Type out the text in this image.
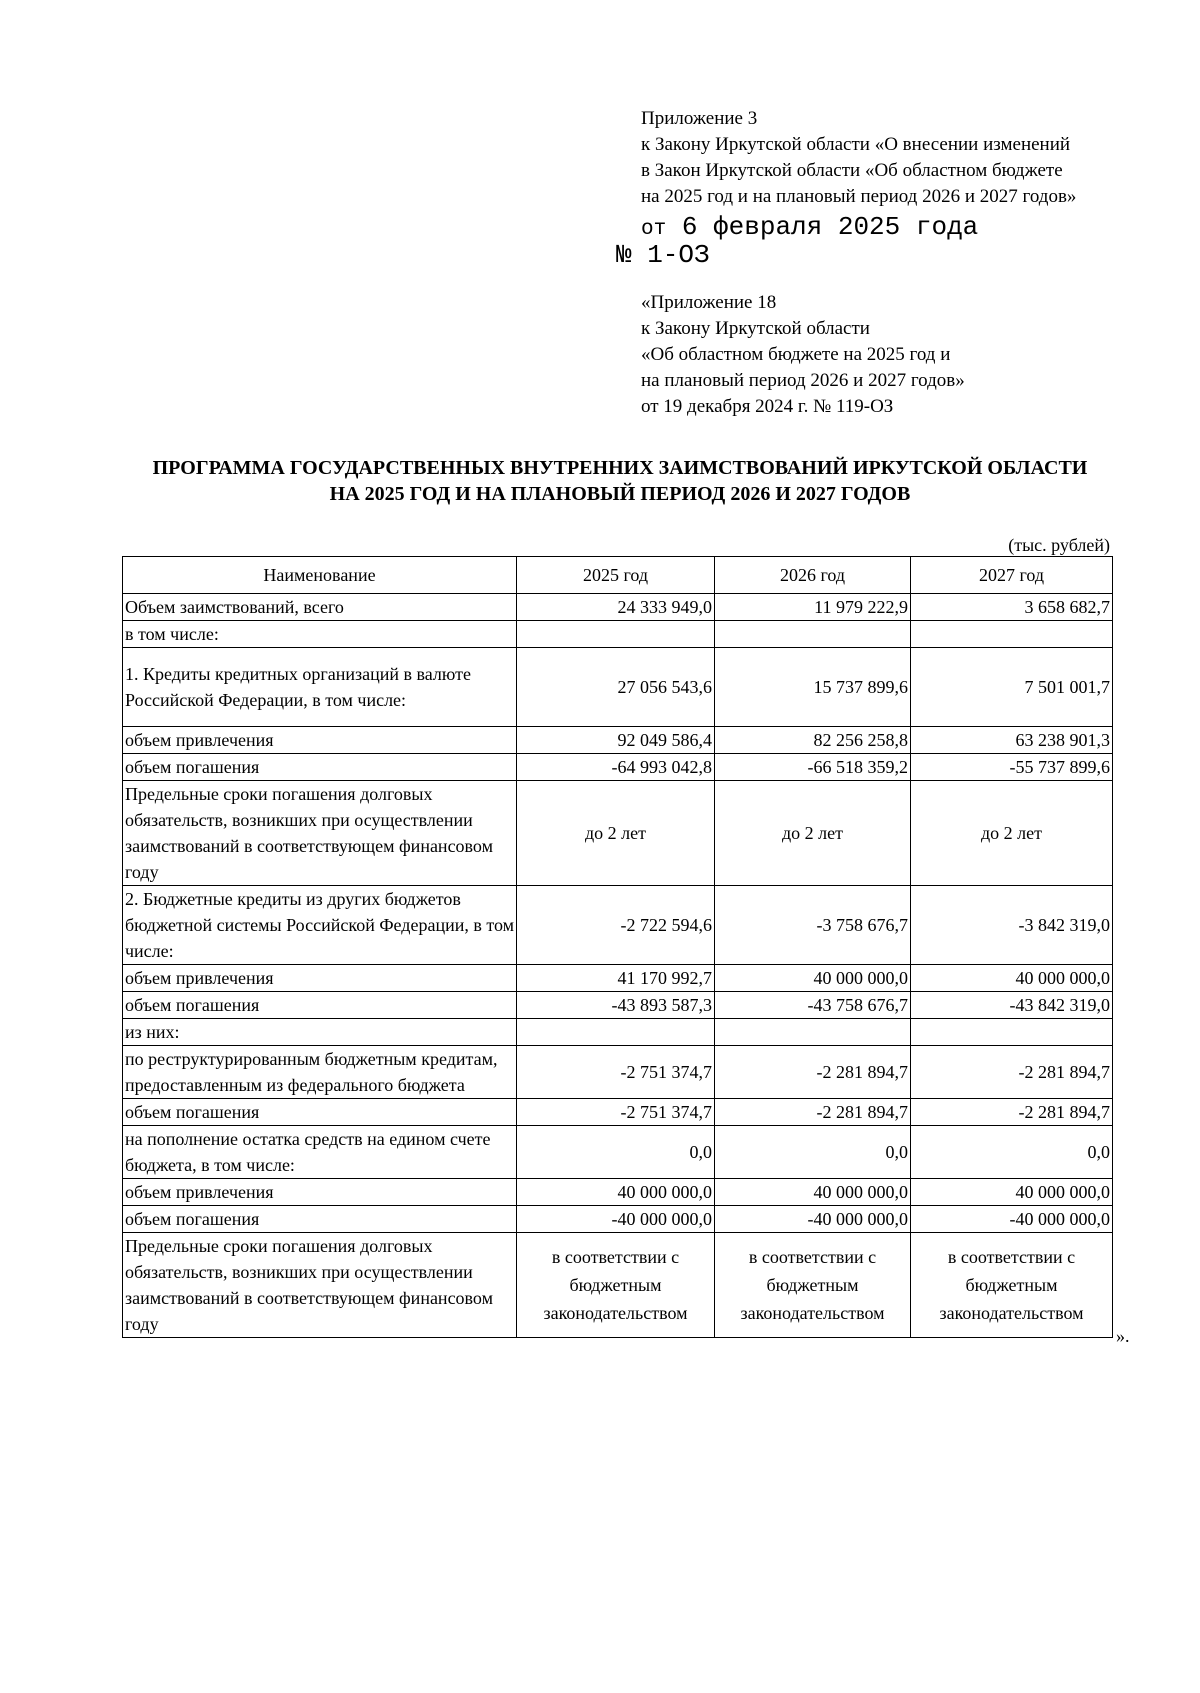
Приложение 3
к Закону Иркутской области «О внесении изменений
в Закон Иркутской области «Об областном бюджете
на 2025 год и на плановый период 2026 и 2027 годов»
от 6 февраля 2025 года
№ 1-ОЗ
«Приложение 18
к Закону Иркутской области
«Об областном бюджете на 2025 год и
на плановый период 2026 и 2027 годов»
от 19 декабря 2024 г. № 119-ОЗ
ПРОГРАММА ГОСУДАРСТВЕННЫХ ВНУТРЕННИХ ЗАИМСТВОВАНИЙ ИРКУТСКОЙ ОБЛАСТИ
НА 2025 ГОД И НА ПЛАНОВЫЙ ПЕРИОД 2026 И 2027 ГОДОВ
(тыс. рублей)
Наименование	2025 год	2026 год	2027 год
Объем заимствований, всего	24 333 949,0	11 979 222,9	3 658 682,7
в том числе:			
1. Кредиты кредитных организаций в валюте Российской Федерации, в том числе:	27 056 543,6	15 737 899,6	7 501 001,7
объем привлечения	92 049 586,4	82 256 258,8	63 238 901,3
объем погашения	-64 993 042,8	-66 518 359,2	-55 737 899,6
Предельные сроки погашения долговых обязательств, возникших при осуществлении заимствований в соответствующем финансовом году	до 2 лет	до 2 лет	до 2 лет
2. Бюджетные кредиты из других бюджетов бюджетной системы Российской Федерации, в том числе:	-2 722 594,6	-3 758 676,7	-3 842 319,0
объем привлечения	41 170 992,7	40 000 000,0	40 000 000,0
объем погашения	-43 893 587,3	-43 758 676,7	-43 842 319,0
из них:			
по реструктурированным бюджетным кредитам, предоставленным из федерального бюджета	-2 751 374,7	-2 281 894,7	-2 281 894,7
объем погашения	-2 751 374,7	-2 281 894,7	-2 281 894,7
на пополнение остатка средств на едином счете бюджета, в том числе:	0,0	0,0	0,0
объем привлечения	40 000 000,0	40 000 000,0	40 000 000,0
объем погашения	-40 000 000,0	-40 000 000,0	-40 000 000,0
Предельные сроки погашения долговых обязательств, возникших при осуществлении заимствований в соответствующем финансовом году	в соответствии с бюджетным законодательством	в соответствии с бюджетным законодательством	в соответствии с бюджетным законодательством
».
